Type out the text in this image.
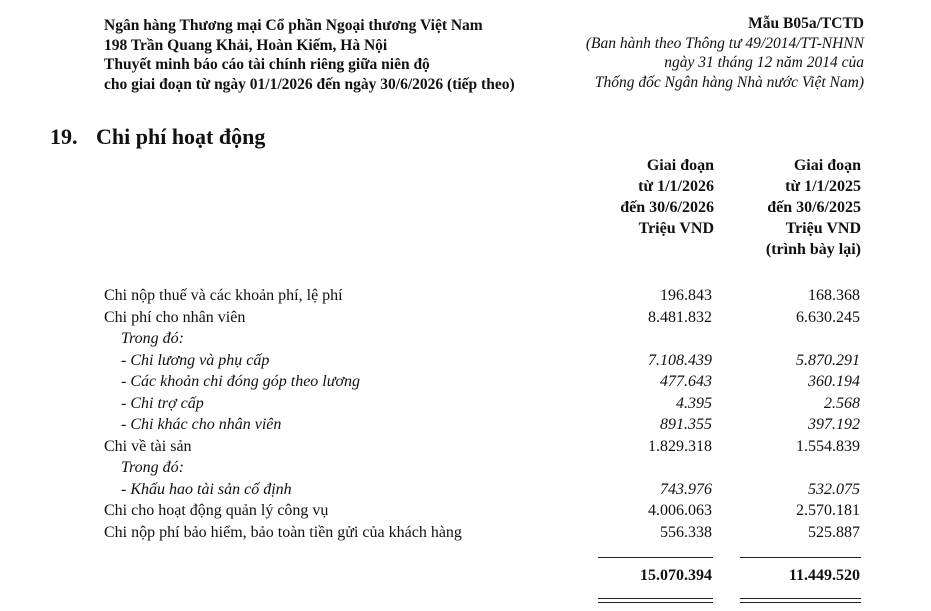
Ngân hàng Thương mại Cổ phần Ngoại thương Việt Nam
198 Trần Quang Khải, Hoàn Kiếm, Hà Nội
Thuyết minh báo cáo tài chính riêng giữa niên độ
cho giai đoạn từ ngày 01/1/2026 đến ngày 30/6/2026 (tiếp theo)
Mẫu B05a/TCTD
(Ban hành theo Thông tư 49/2014/TT-NHNN
ngày 31 tháng 12 năm 2014 của
Thống đốc Ngân hàng Nhà nước Việt Nam)
19. Chi phí hoạt động
Giai đoạn
từ 1/1/2026
đến 30/6/2026
Triệu VND
Giai đoạn
từ 1/1/2025
đến 30/6/2025
Triệu VND
(trình bày lại)
Chi nộp thuế và các khoản phí, lệ phí	196.843	168.368
Chi phí cho nhân viên	8.481.832	6.630.245
Trong đó:
- Chi lương và phụ cấp	7.108.439	5.870.291
- Các khoản chi đóng góp theo lương	477.643	360.194
- Chi trợ cấp	4.395	2.568
- Chi khác cho nhân viên	891.355	397.192
Chi về tài sản	1.829.318	1.554.839
Trong đó:
- Khấu hao tài sản cố định	743.976	532.075
Chi cho hoạt động quản lý công vụ	4.006.063	2.570.181
Chi nộp phí bảo hiểm, bảo toàn tiền gửi của khách hàng	556.338	525.887
15.070.394	11.449.520
